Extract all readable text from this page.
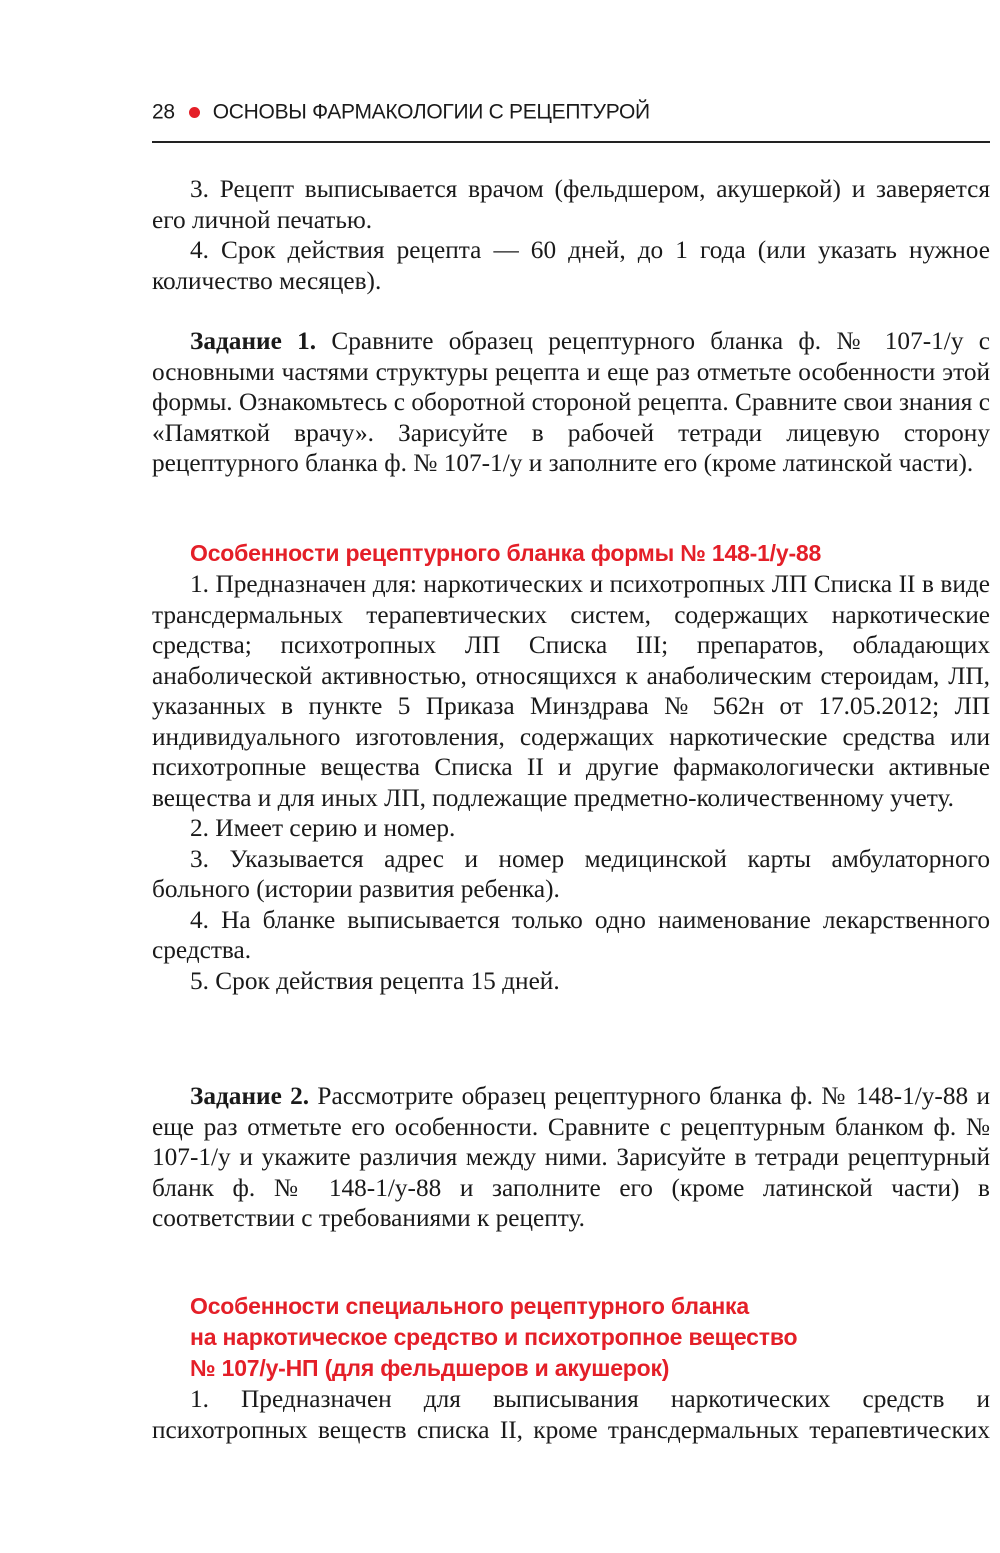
28 ОСНОВЫ ФАРМАКОЛОГИИ С РЕЦЕПТУРОЙ

3. Рецепт выписывается врачом (фельдшером, акушеркой) и заверяется его личной печатью.

4. Срок действия рецепта — 60 дней, до 1 года (или указать нужное количество месяцев).

Задание 1. Сравните образец рецептурного бланка ф. № 107-1/у с основными частями структуры рецепта и еще раз отметьте особенности этой формы. Ознакомьтесь с оборотной стороной рецепта. Сравните свои знания с «Памяткой врачу». Зарисуйте в рабочей тетради лицевую сторону рецептурного бланка ф. № 107-1/у и заполните его (кроме латинской части).

Особенности рецептурного бланка формы № 148-1/у-88

1. Предназначен для: наркотических и психотропных ЛП Списка II в виде трансдермальных терапевтических систем, содержащих наркотические средства; психотропных ЛП Списка III; препаратов, обладающих анаболической активностью, относящихся к анаболическим стероидам, ЛП, указанных в пункте 5 Приказа Минздрава № 562н от 17.05.2012; ЛП индивидуального изготовления, содержащих наркотические средства или психотропные вещества Списка II и другие фармакологически активные вещества и для иных ЛП, подлежащие предметно-количественному учету.

2. Имеет серию и номер.

3. Указывается адрес и номер медицинской карты амбулаторного больного (истории развития ребенка).

4. На бланке выписывается только одно наименование лекарственного средства.

5. Срок действия рецепта 15 дней.

Задание 2. Рассмотрите образец рецептурного бланка ф. № 148-1/у-88 и еще раз отметьте его особенности. Сравните с рецептурным бланком ф. № 107-1/у и укажите различия между ними. Зарисуйте в тетради рецептурный бланк ф. № 148-1/у-88 и заполните его (кроме латинской части) в соответствии с требованиями к рецепту.

Особенности специального рецептурного бланка
на наркотическое средство и психотропное вещество
№ 107/у-НП (для фельдшеров и акушерок)

1. Предназначен для выписывания наркотических средств и психотропных веществ списка II, кроме трансдермальных терапевтических
